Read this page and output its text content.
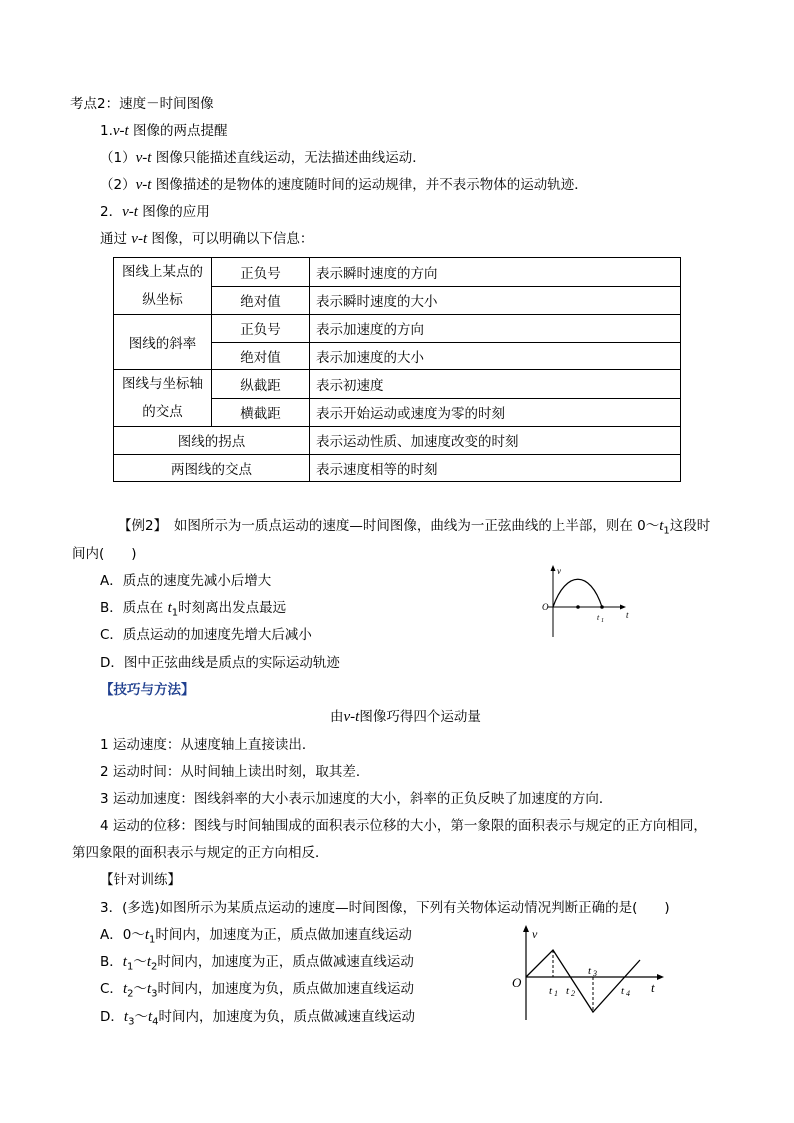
考点2：速度－时间图像
1.v-t 图像的两点提醒
（1）v-t 图像只能描述直线运动，无法描述曲线运动．
（2）v-t 图像描述的是物体的速度随时间的运动规律，并不表示物体的运动轨迹．
2．v-t 图像的应用
通过 v-t 图像，可以明确以下信息：
图线上某点的纵坐标	正负号	表示瞬时速度的方向
	绝对值	表示瞬时速度的大小
图线的斜率	正负号	表示加速度的方向
	绝对值	表示加速度的大小
图线与坐标轴的交点	纵截距	表示初速度
	横截距	表示开始运动或速度为零的时刻
图线的拐点		表示运动性质、加速度改变的时刻
两图线的交点		表示速度相等的时刻
【例2】　 如图所示为一质点运动的速度—时间图像，曲线为一正弦曲线的上半部，则在 $0\sim t_1$这段时
间内(　　)
A．质点的速度先减小后增大
B．质点在 $t_1$时刻离出发点最远
C．质点运动的加速度先增大后减小
D．图中正弦曲线是质点的实际运动轨迹
v
O
t 1
t
【技巧与方法】
由v-t图像巧得四个运动量
1 运动速度：从速度轴上直接读出．
2 运动时间：从时间轴上读出时刻，取其差．
3 运动加速度：图线斜率的大小表示加速度的大小，斜率的正负反映了加速度的方向．
4 运动的位移：图线与时间轴围成的面积表示位移的大小，第一象限的面积表示与规定的正方向相同，
第四象限的面积表示与规定的正方向相反．
【针对训练】
3．(多选)如图所示为某质点运动的速度—时间图像，下列有关物体运动情况判断正确的是(　　)
A．$0\sim t_1$时间内，加速度为正，质点做加速直线运动
B．$t_1\sim t_2$时间内，加速度为正，质点做减速直线运动
C．$t_2\sim t_3$时间内，加速度为负，质点做加速直线运动
D．$t_3\sim t_4$时间内，加速度为负，质点做减速直线运动
v
O
t 1 t 2
t 3
t 4 t
